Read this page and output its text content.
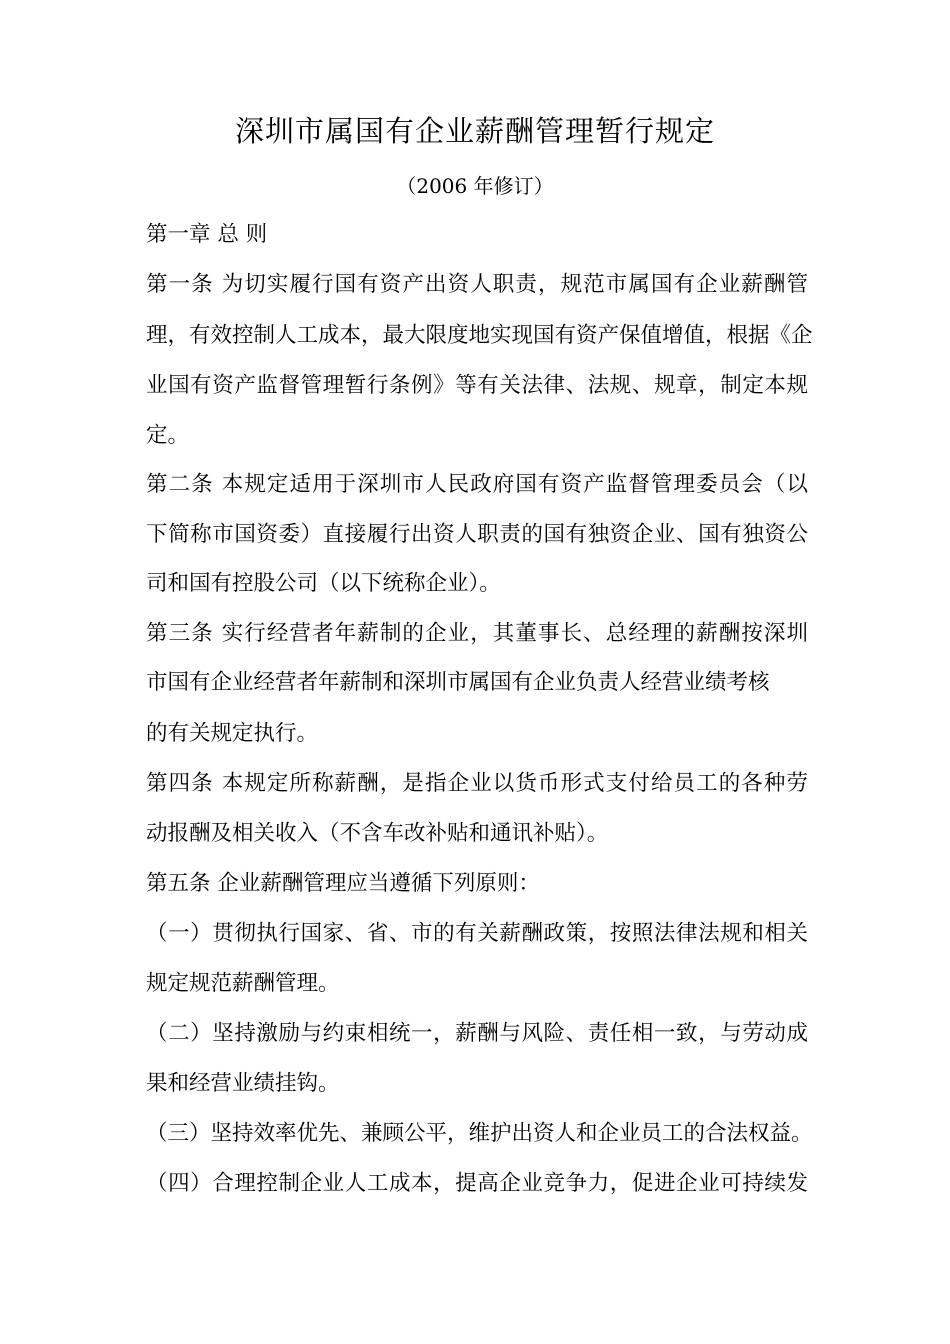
深圳市属国有企业薪酬管理暂行规定
（2006 年修订）
第一章 总 则
第一条 为切实履行国有资产出资人职责，规范市属国有企业薪酬管
理，有效控制人工成本，最大限度地实现国有资产保值增值，根据《企
业国有资产监督管理暂行条例》等有关法律、法规、规章，制定本规
定。
第二条 本规定适用于深圳市人民政府国有资产监督管理委员会（以
下简称市国资委）直接履行出资人职责的国有独资企业、国有独资公
司和国有控股公司（以下统称企业）。
第三条 实行经营者年薪制的企业，其董事长、总经理的薪酬按深圳
市国有企业经营者年薪制和深圳市属国有企业负责人经营业绩考核
的有关规定执行。
第四条 本规定所称薪酬，是指企业以货币形式支付给员工的各种劳
动报酬及相关收入（不含车改补贴和通讯补贴）。
第五条 企业薪酬管理应当遵循下列原则：
（一）贯彻执行国家、省、市的有关薪酬政策，按照法律法规和相关
规定规范薪酬管理。
（二）坚持激励与约束相统一，薪酬与风险、责任相一致，与劳动成
果和经营业绩挂钩。
（三）坚持效率优先、兼顾公平，维护出资人和企业员工的合法权益。
（四）合理控制企业人工成本，提高企业竞争力，促进企业可持续发
